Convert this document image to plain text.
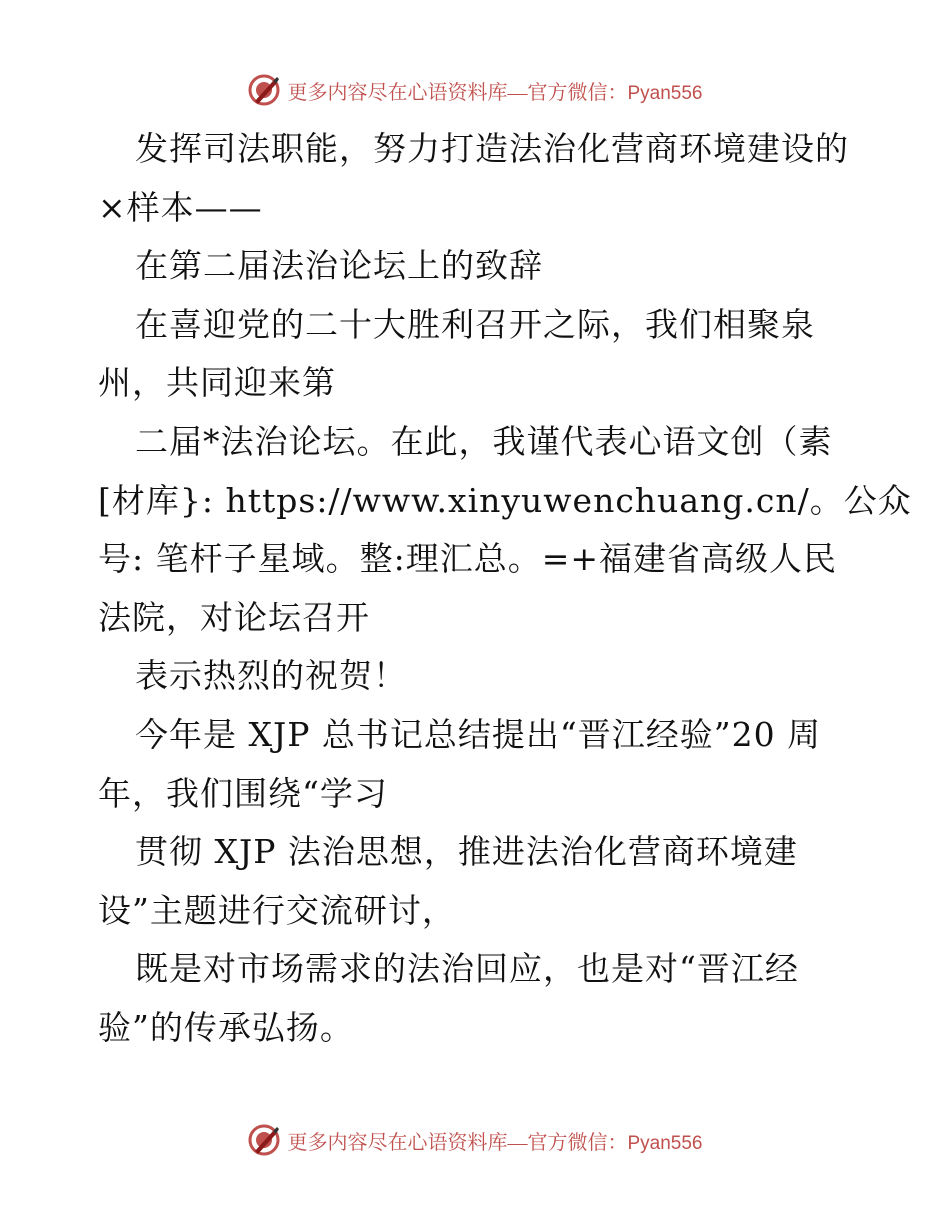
更多内容尽在心语资料库—官方微信：Pyan556
发挥司法职能，努力打造法治化营商环境建设的
×样本——
在第二届法治论坛上的致辞
在喜迎党的二十大胜利召开之际，我们相聚泉
州，共同迎来第
二届*法治论坛。在此，我谨代表心语文创（素
[材库}: https://www.xinyuwenchuang.cn/。公众
号: 笔杆子星域。整:理汇总。=+福建省高级人民
法院，对论坛召开
表示热烈的祝贺！
今年是 XJP 总书记总结提出“晋江经验”20 周
年，我们围绕“学习
贯彻 XJP 法治思想，推进法治化营商环境建
设”主题进行交流研讨，
既是对市场需求的法治回应，也是对“晋江经
验”的传承弘扬。
更多内容尽在心语资料库—官方微信：Pyan556
